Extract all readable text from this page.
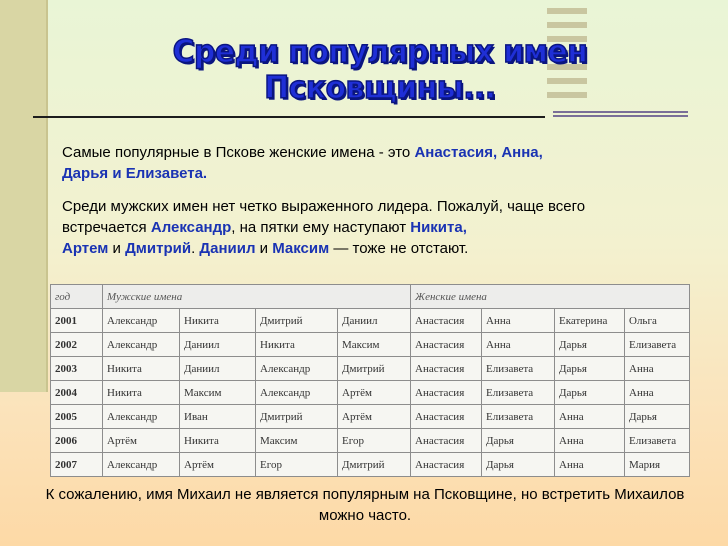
Среди популярных имен Псковщины...
Самые популярные в Пскове женские имена - это Анастасия, Анна,
Дарья и Елизавета.
Среди мужских имен нет четко выраженного лидера. Пожалуй, чаще всего встречается Александр, на пятки ему наступают Никита,
Артем и Дмитрий. Даниил и Максим — тоже не отстают.
год	Мужские имена				Женские имена			
2001	Александр	Никита	Дмитрий	Даниил	Анастасия	Анна	Екатерина	Ольга
2002	Александр	Даниил	Никита	Максим	Анастасия	Анна	Дарья	Елизавета
2003	Никита	Даниил	Александр	Дмитрий	Анастасия	Елизавета	Дарья	Анна
2004	Никита	Максим	Александр	Артём	Анастасия	Елизавета	Дарья	Анна
2005	Александр	Иван	Дмитрий	Артём	Анастасия	Елизавета	Анна	Дарья
2006	Артём	Никита	Максим	Егор	Анастасия	Дарья	Анна	Елизавета
2007	Александр	Артём	Егор	Дмитрий	Анастасия	Дарья	Анна	Мария
К сожалению, имя Михаил не является популярным на Псковщине, но встретить Михаилов можно часто.
